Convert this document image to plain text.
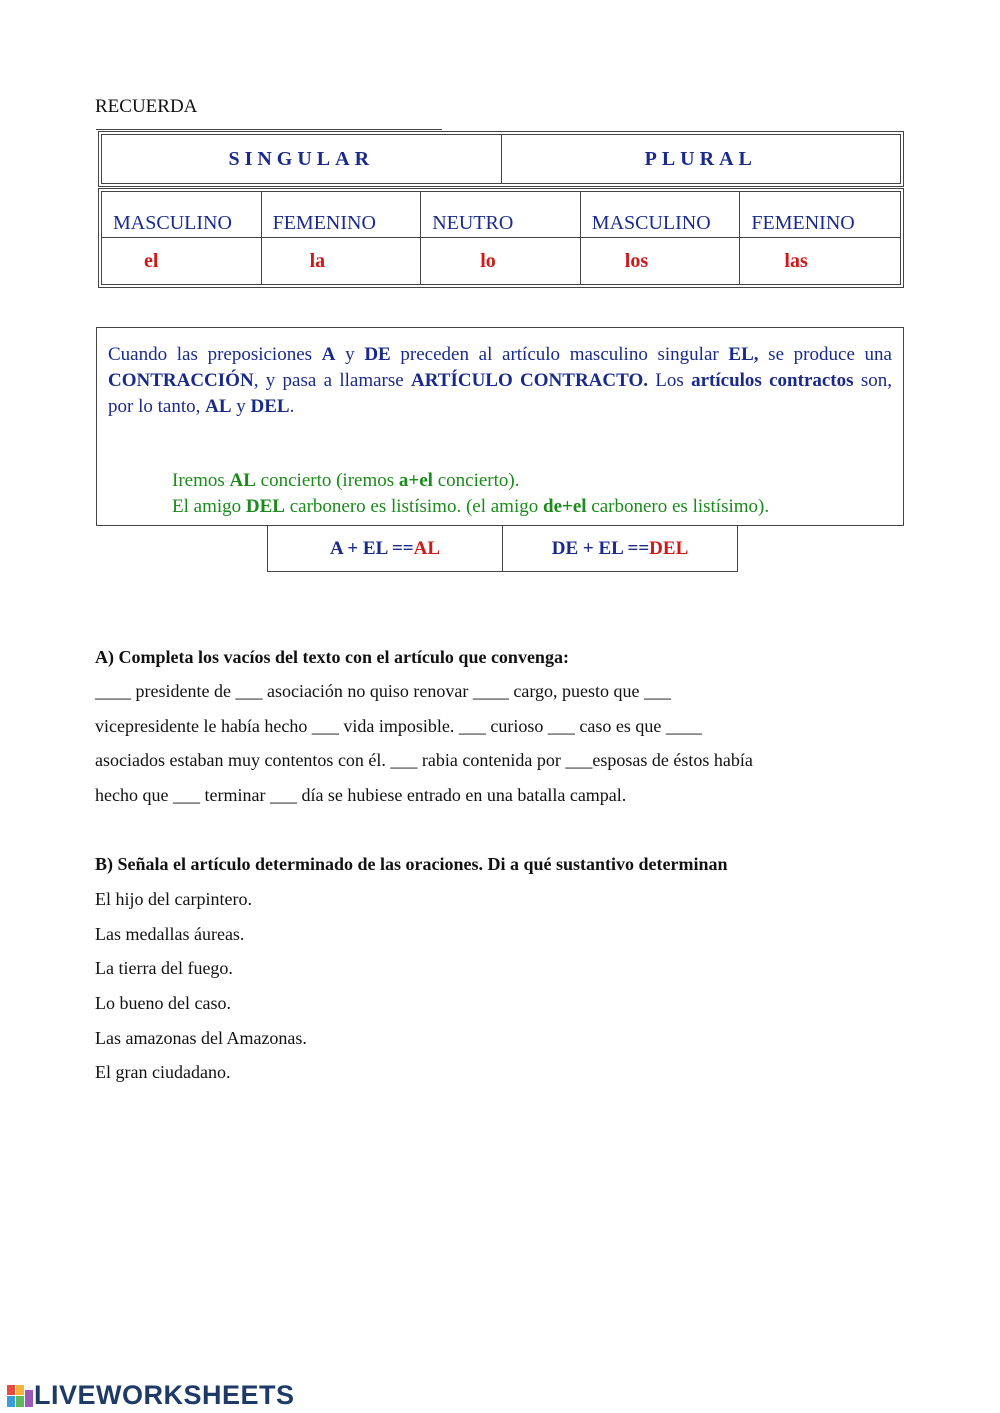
RECUERDA
SINGULAR	PLURAL
MASCULINO	FEMENINO	NEUTRO	MASCULINO	FEMENINO
el	la	lo	los	las
Cuando las preposiciones A y DE preceden al artículo masculino singular EL, se produce una CONTRACCIÓN, y pasa a llamarse ARTÍCULO CONTRACTO. Los artículos contractos son, por lo tanto, AL y DEL.
Iremos AL concierto (iremos a+el concierto).
El amigo DEL carbonero es listísimo. (el amigo de+el carbonero es listísimo).
A + EL == AL	DE + EL == DEL
A) Completa los vacíos del texto con el artículo que convenga:
____ presidente de ___ asociación no quiso renovar ____ cargo, puesto que ___
vicepresidente le había hecho ___ vida imposible. ___ curioso ___ caso es que ____
asociados estaban muy contentos con él. ___ rabia contenida por ___esposas de éstos había
hecho que ___ terminar ___ día se hubiese entrado en una batalla campal.
B) Señala el artículo determinado de las oraciones. Di a qué sustantivo determinan
El hijo del carpintero.
Las medallas áureas.
La tierra del fuego.
Lo bueno del caso.
Las amazonas del Amazonas.
El gran ciudadano.
LIVEWORKSHEETS
